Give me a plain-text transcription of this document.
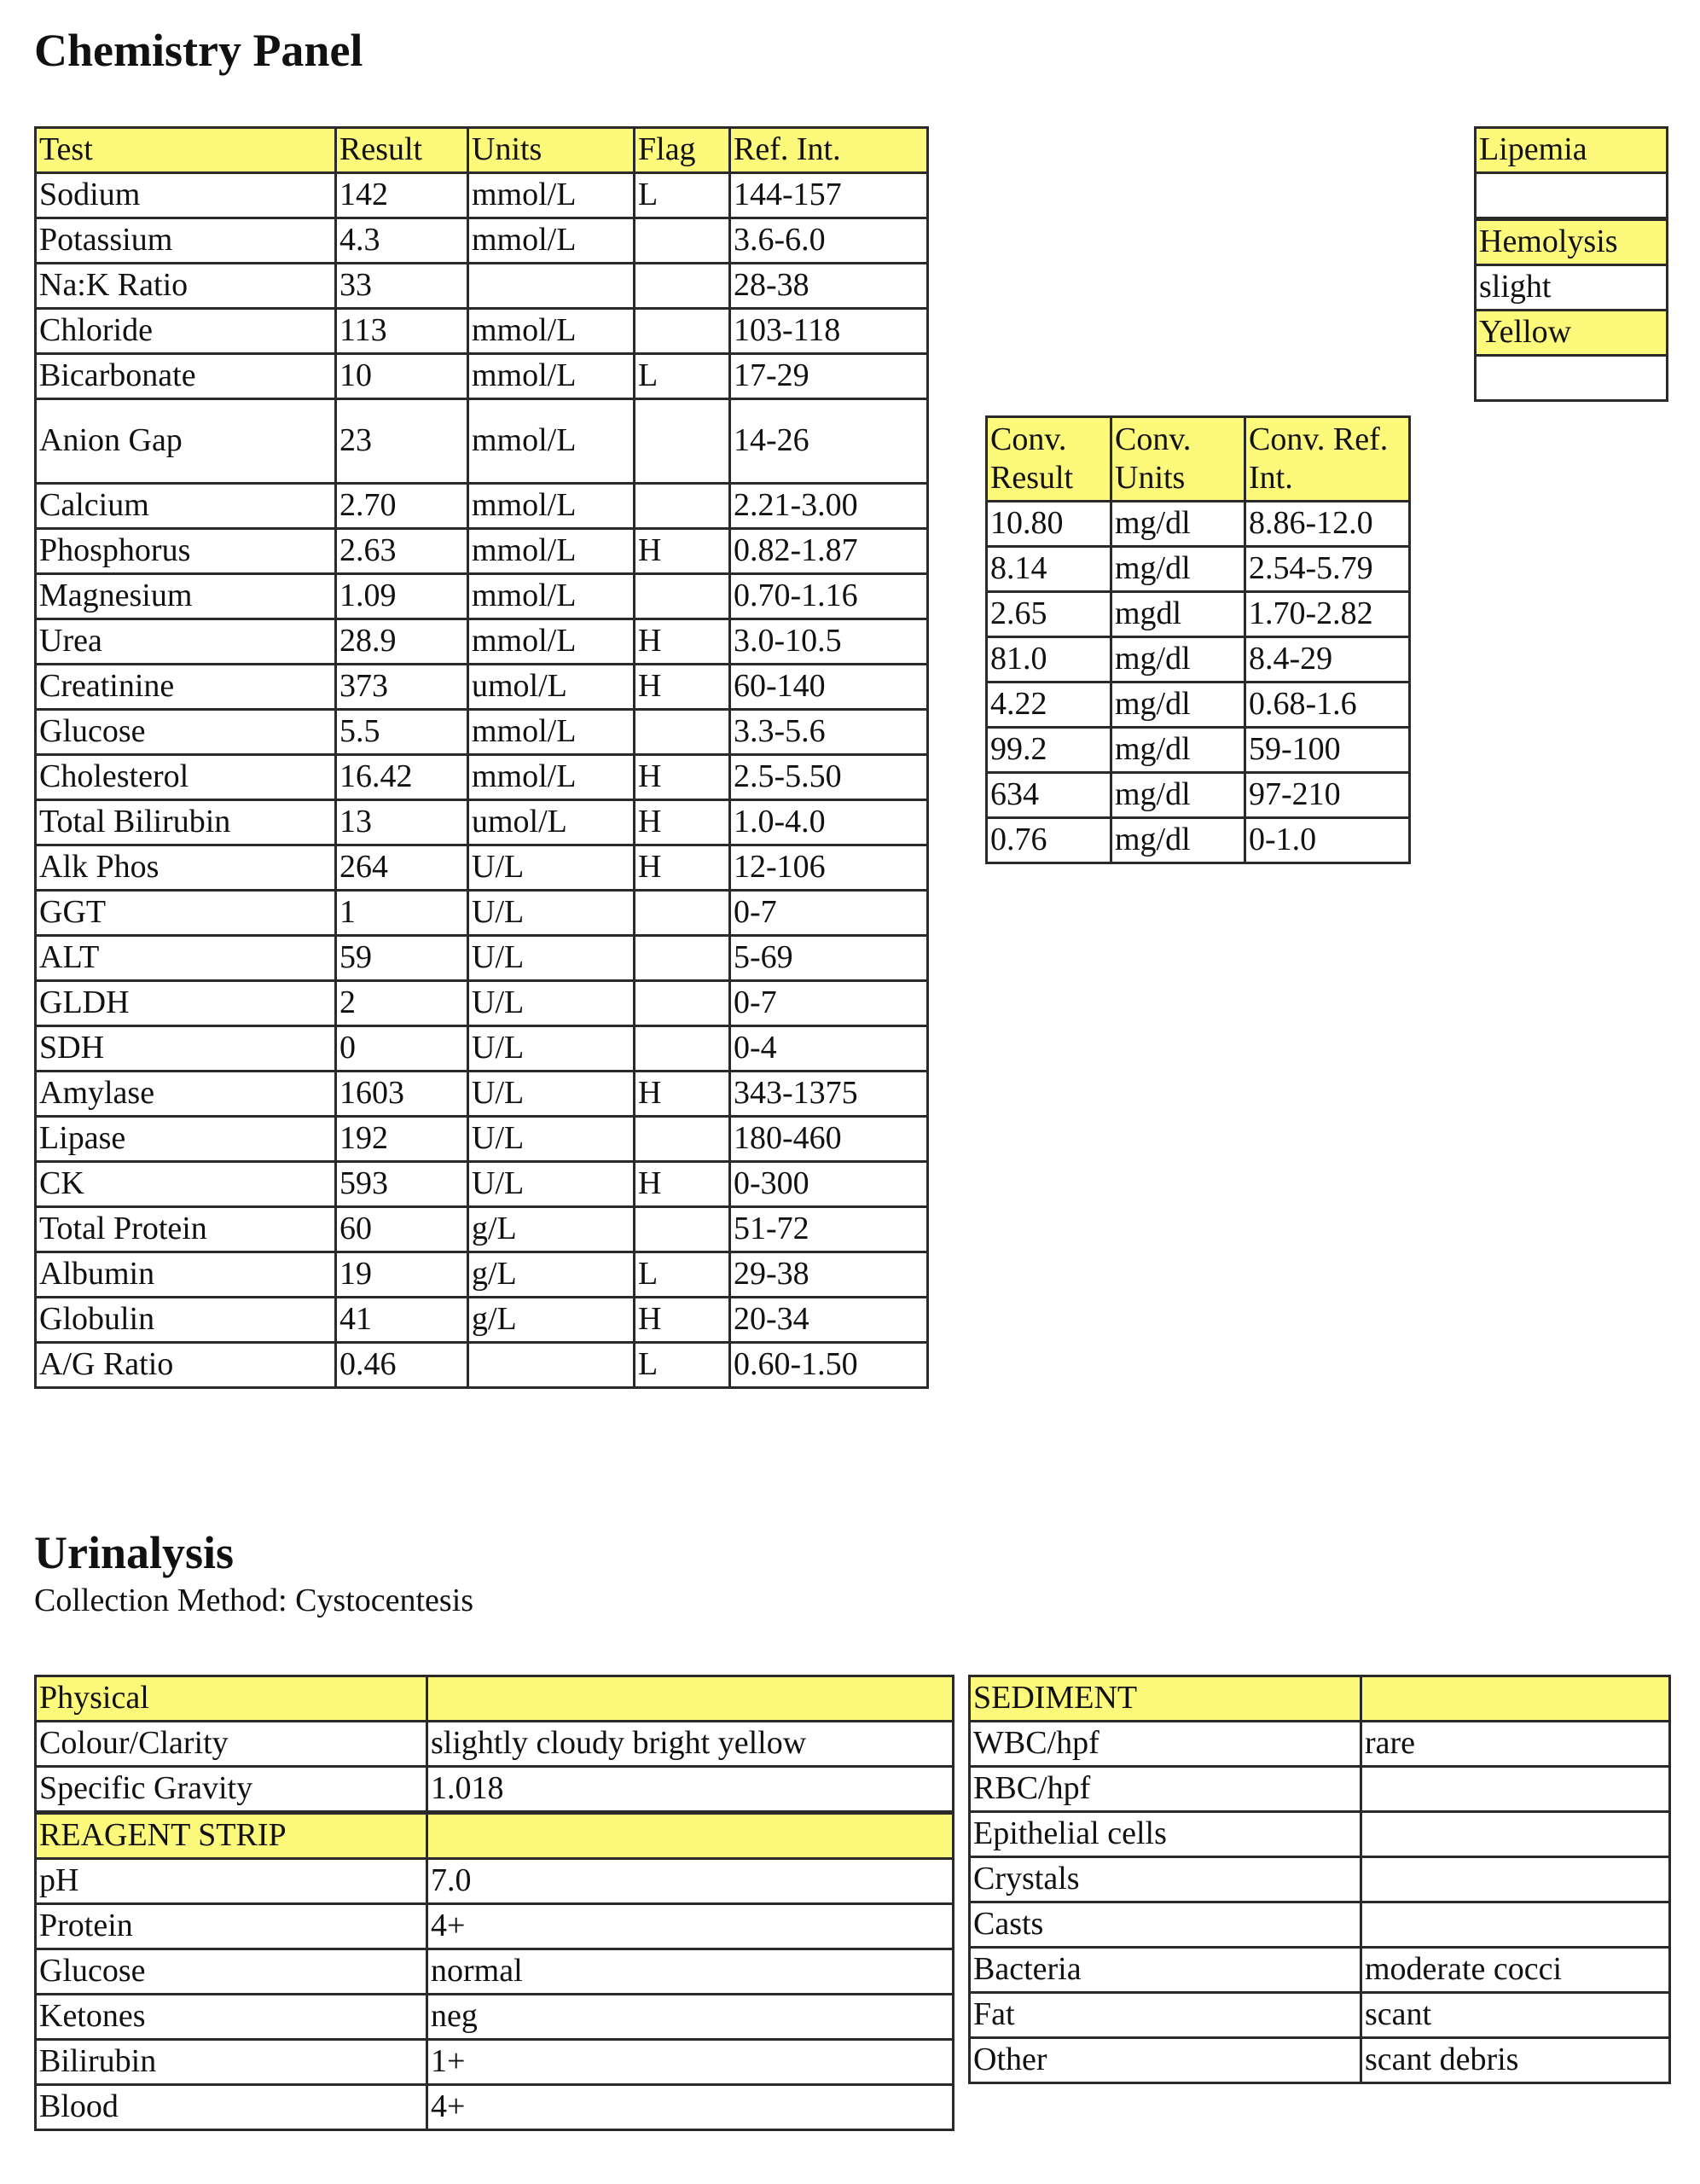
Chemistry Panel
Test	Result	Units	Flag	Ref. Int.
Sodium	142	mmol/L	L	144-157
Potassium	4.3	mmol/L		3.6-6.0
Na:K Ratio	33			28-38
Chloride	113	mmol/L		103-118
Bicarbonate	10	mmol/L	L	17-29
Anion Gap	23	mmol/L		14-26
Calcium	2.70	mmol/L		2.21-3.00
Phosphorus	2.63	mmol/L	H	0.82-1.87
Magnesium	1.09	mmol/L		0.70-1.16
Urea	28.9	mmol/L	H	3.0-10.5
Creatinine	373	umol/L	H	60-140
Glucose	5.5	mmol/L		3.3-5.6
Cholesterol	16.42	mmol/L	H	2.5-5.50
Total Bilirubin	13	umol/L	H	1.0-4.0
Alk Phos	264	U/L	H	12-106
GGT	1	U/L		0-7
ALT	59	U/L		5-69
GLDH	2	U/L		0-7
SDH	0	U/L		0-4
Amylase	1603	U/L	H	343-1375
Lipase	192	U/L		180-460
CK	593	U/L	H	0-300
Total Protein	60	g/L		51-72
Albumin	19	g/L	L	29-38
Globulin	41	g/L	H	20-34
A/G Ratio	0.46		L	0.60-1.50
Conv. Result	Conv. Units	Conv. Ref. Int.
10.80	mg/dl	8.86-12.0
8.14	mg/dl	2.54-5.79
2.65	mgdl	1.70-2.82
81.0	mg/dl	8.4-29
4.22	mg/dl	0.68-1.6
99.2	mg/dl	59-100
634	mg/dl	97-210
0.76	mg/dl	0-1.0
Lipemia

Hemolysis
slight
Yellow

Urinalysis
Collection Method: Cystocentesis
Physical	
Colour/Clarity	slightly cloudy bright yellow
Specific Gravity	1.018
REAGENT STRIP	
pH	7.0
Protein	4+
Glucose	normal
Ketones	neg
Bilirubin	1+
Blood	4+
SEDIMENT	
WBC/hpf	rare
RBC/hpf	
Epithelial cells	
Crystals	
Casts	
Bacteria	moderate cocci
Fat	scant
Other	scant debris
